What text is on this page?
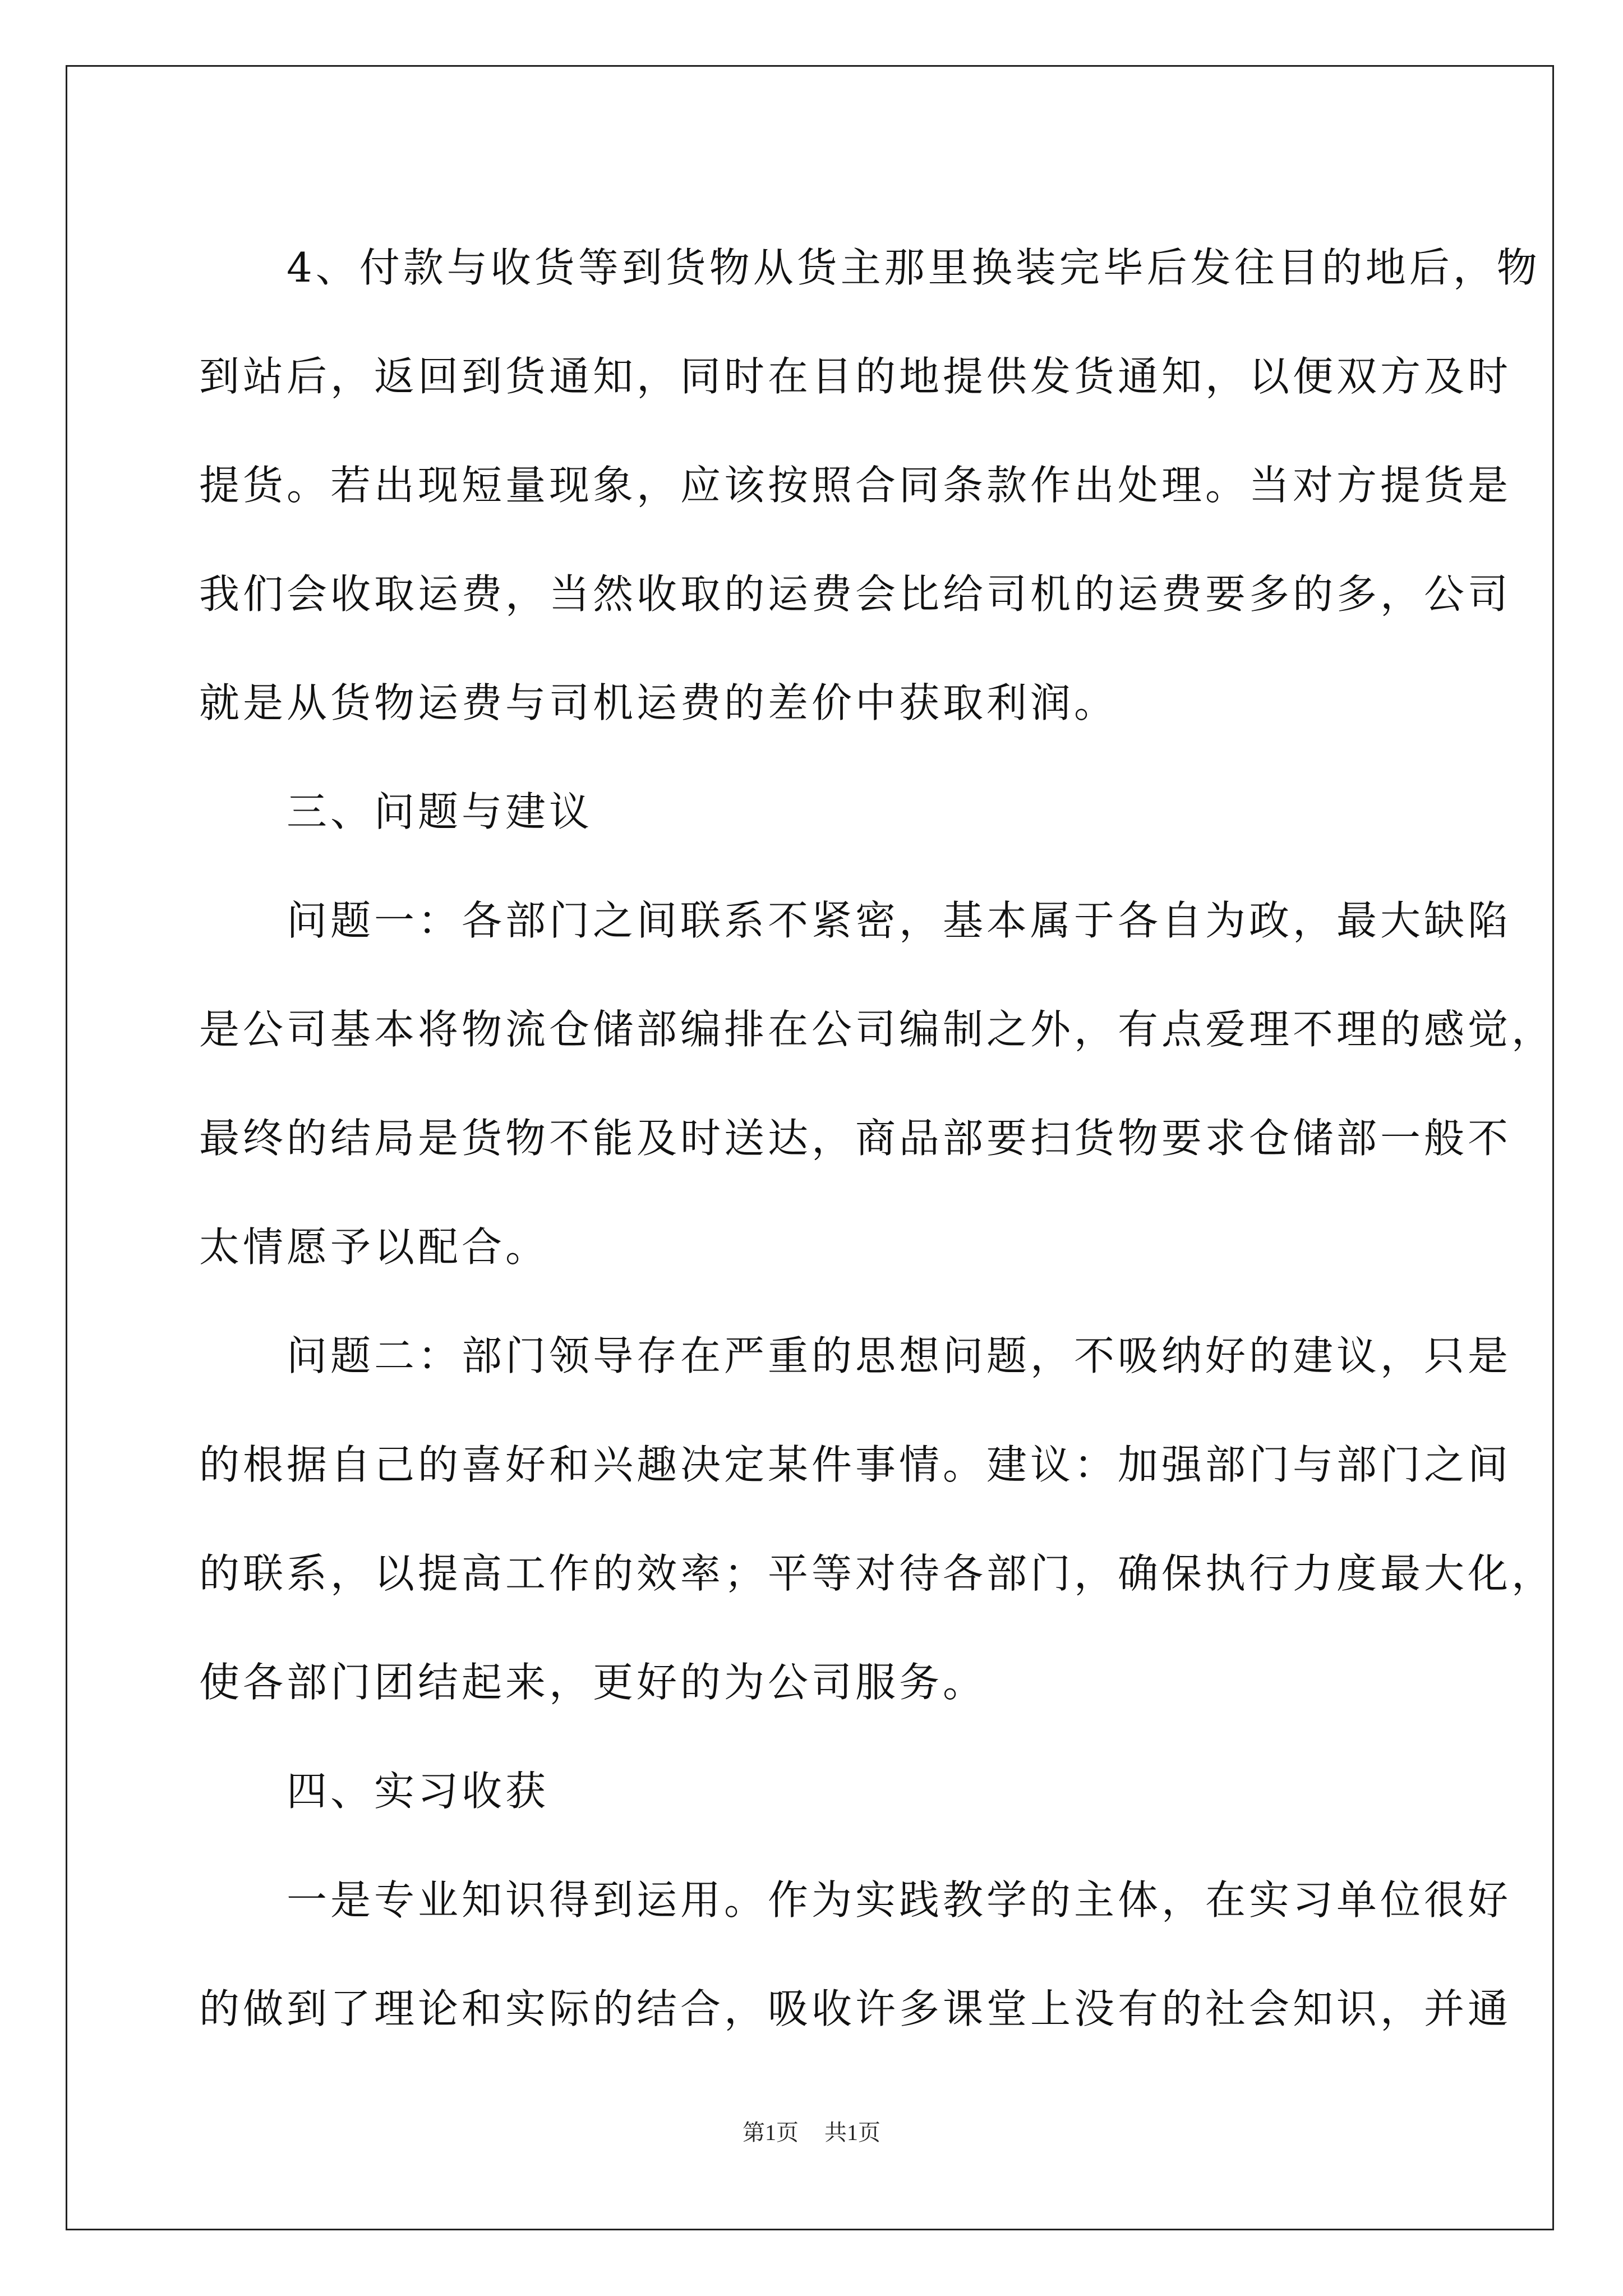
　　4、付款与收货等到货物从货主那里换装完毕后发往目的地后，物
到站后，返回到货通知，同时在目的地提供发货通知，以便双方及时
提货。若出现短量现象，应该按照合同条款作出处理。当对方提货是
我们会收取运费，当然收取的运费会比给司机的运费要多的多，公司
就是从货物运费与司机运费的差价中获取利润。
　　三、问题与建议
　　问题一：各部门之间联系不紧密，基本属于各自为政，最大缺陷
是公司基本将物流仓储部编排在公司编制之外，有点爱理不理的感觉，
最终的结局是货物不能及时送达，商品部要扫货物要求仓储部一般不
太情愿予以配合。
　　问题二：部门领导存在严重的思想问题，不吸纳好的建议，只是
的根据自己的喜好和兴趣决定某件事情。建议：加强部门与部门之间
的联系，以提高工作的效率；平等对待各部门，确保执行力度最大化，
使各部门团结起来，更好的为公司服务。
　　四、实习收获
　　一是专业知识得到运用。作为实践教学的主体，在实习单位很好
的做到了理论和实际的结合，吸收许多课堂上没有的社会知识，并通
第1页 共1页
